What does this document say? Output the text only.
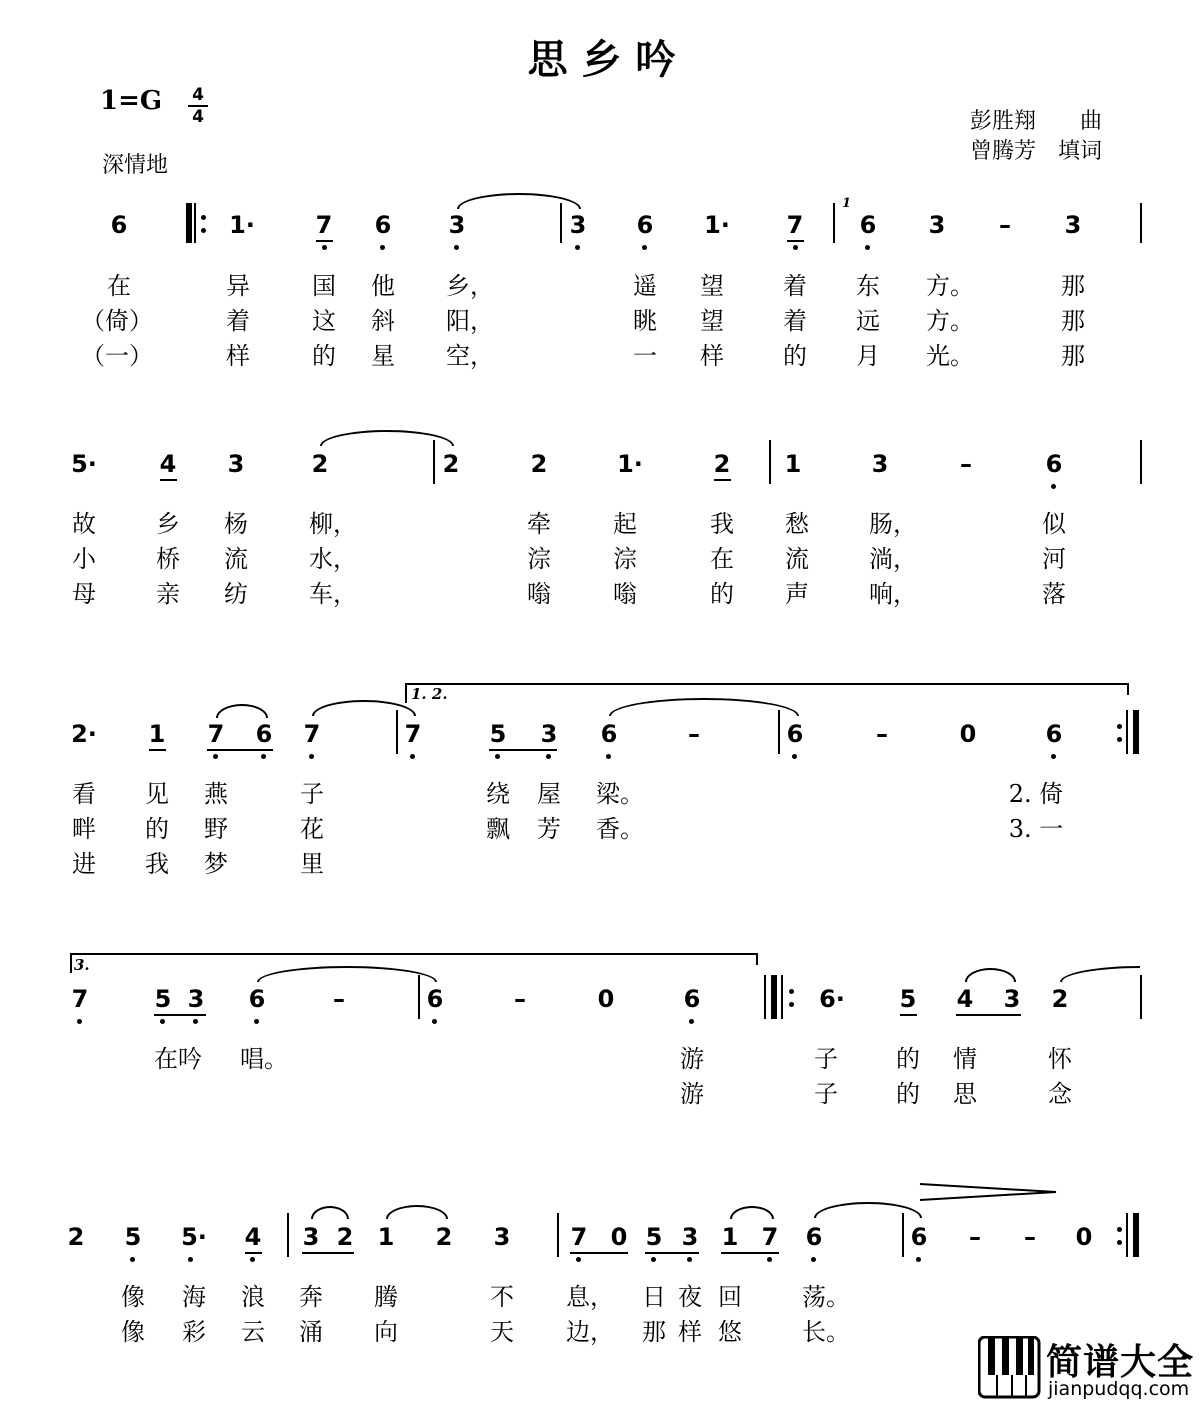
思 乡 吟
1=G	4
4
深情地
彭胜翔　　曲
曾腾芳　填词
6	1·	7 6 3	3 6 1· 7
1
6 3 – 3
在	异	国 他 乡，	遥 望 着 东 方。	那
（倚）	着	这 斜 阳，	眺 望 着 远 方。	那
（一）	样	的 星 空，	一 样 的 月 光。	那
5·	4 3	2	2	2	1·	2 1	3	–	6
故	乡 杨	柳，	牵	起	我 愁	肠，	似
小	桥 流	水，	淙	淙	在 流	淌，	河
母	亲 纺	车，	嗡	嗡	的 声	响，	落
1. 2.
2· 1 7 6 7	7	5 3 6	–	6	–	0	6
看 见 燕	子	绕 屋 梁。	2. 倚
畔 的 野	花	飘 芳 香。	3. 一
进 我 梦	里
3.
7	5 3 6	–	6	–	0	6	6· 5 4 3 2
在吟 唱。	游	子 的 情	怀
游	子 的 思	念
2 5 5· 4 3 2 1 2 3	7 0 5 3 1 7 6	6 – – 0
像 海 浪 奔 腾	不 息， 日 夜 回	荡。
像 彩 云 涌 向	天 边， 那 样 悠	长。
简谱大全
jianpudqq.com
